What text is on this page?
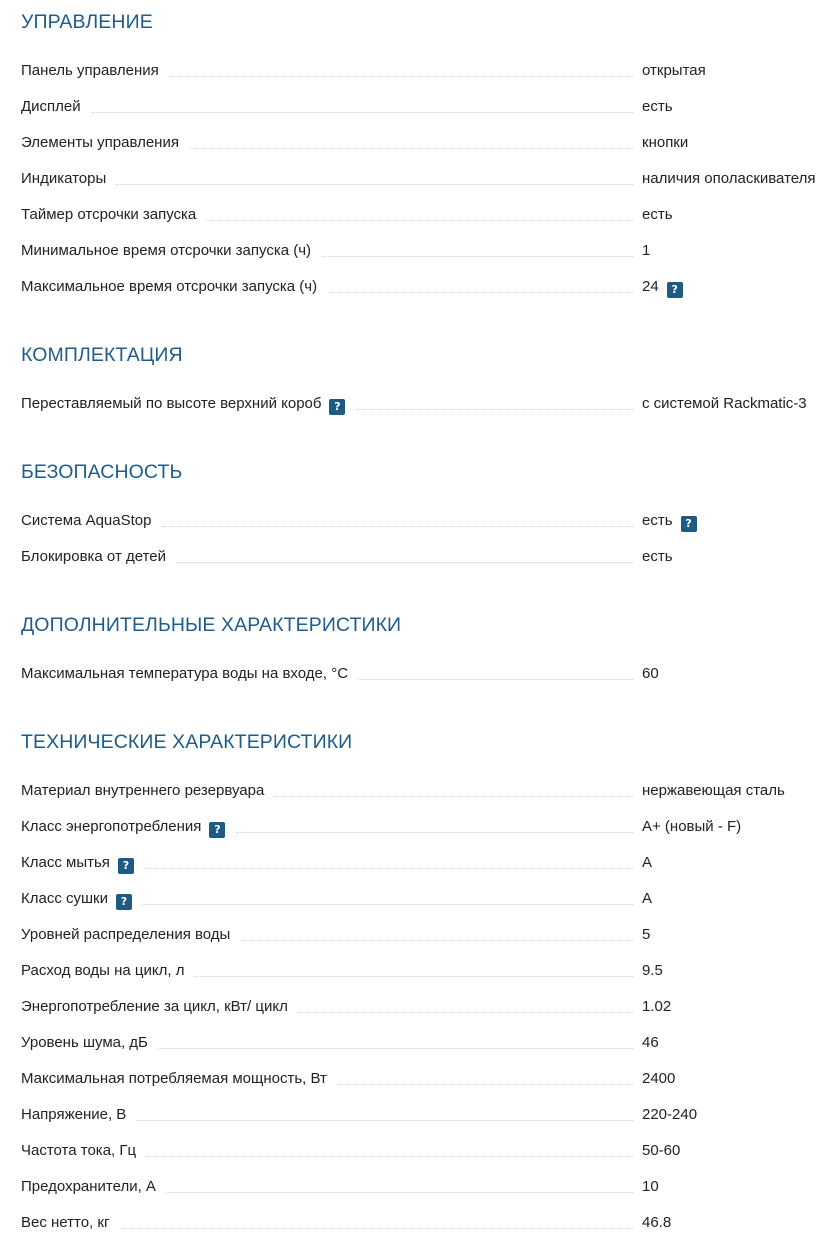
УПРАВЛЕНИЕ
Панель управления	открытая
Дисплей	есть
Элементы управления	кнопки
Индикаторы	наличия ополаскивателя
Таймер отсрочки запуска	есть
Минимальное время отсрочки запуска (ч)	1
Максимальное время отсрочки запуска (ч)	24 ?
КОМПЛЕКТАЦИЯ
Переставляемый по высоте верхний короб ?	с системой Rackmatic-3
БЕЗОПАСНОСТЬ
Система AquaStop	есть ?
Блокировка от детей	есть
ДОПОЛНИТЕЛЬНЫЕ ХАРАКТЕРИСТИКИ
Максимальная температура воды на входе, °С	60
ТЕХНИЧЕСКИЕ ХАРАКТЕРИСТИКИ
Материал внутреннего резервуара	нержавеющая сталь
Класс энергопотребления ?	A+ (новый - F)
Класс мытья ?	A
Класс сушки ?	A
Уровней распределения воды	5
Расход воды на цикл, л	9.5
Энергопотребление за цикл, кВт/ цикл	1.02
Уровень шума, дБ	46
Максимальная потребляемая мощность, Вт	2400
Напряжение, В	220-240
Частота тока, Гц	50-60
Предохранители, А	10
Вес нетто, кг	46.8
